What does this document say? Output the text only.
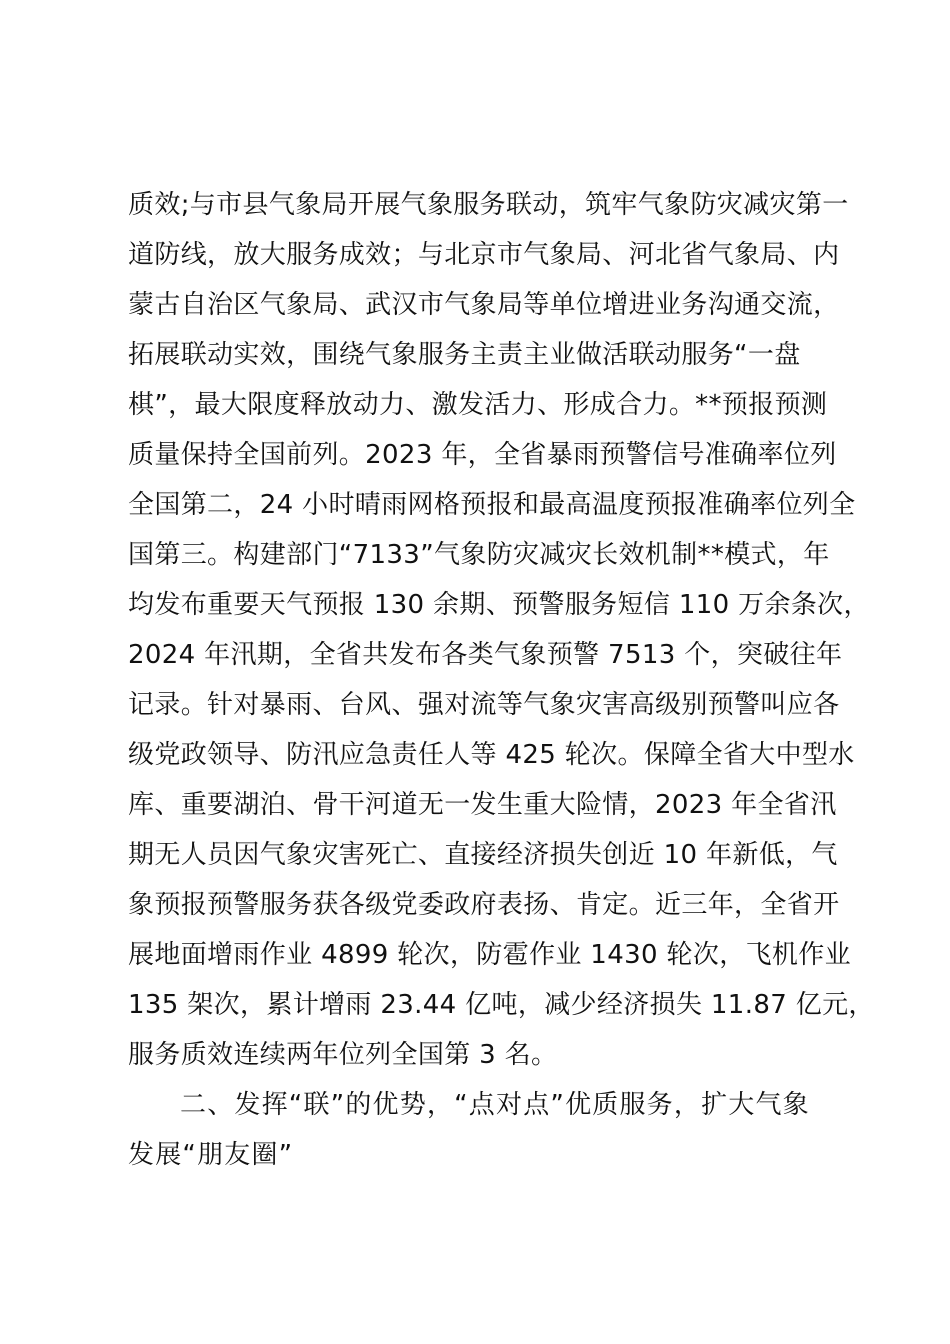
质效;与市县气象局开展气象服务联动，筑牢气象防灾减灾第一
道防线，放大服务成效；与北京市气象局、河北省气象局、内
蒙古自治区气象局、武汉市气象局等单位增进业务沟通交流，
拓展联动实效，围绕气象服务主责主业做活联动服务“一盘
棋”，最大限度释放动力、激发活力、形成合力。**预报预测
质量保持全国前列。2023 年，全省暴雨预警信号准确率位列
全国第二，24 小时晴雨网格预报和最高温度预报准确率位列全
国第三。构建部门“7133”气象防灾减灾长效机制**模式，年
均发布重要天气预报 130 余期、预警服务短信 110 万余条次，
2024 年汛期，全省共发布各类气象预警 7513 个，突破往年
记录。针对暴雨、台风、强对流等气象灾害高级别预警叫应各
级党政领导、防汛应急责任人等 425 轮次。保障全省大中型水
库、重要湖泊、骨干河道无一发生重大险情，2023 年全省汛
期无人员因气象灾害死亡、直接经济损失创近 10 年新低，气
象预报预警服务获各级党委政府表扬、肯定。近三年，全省开
展地面增雨作业 4899 轮次，防雹作业 1430 轮次，飞机作业
135 架次，累计增雨 23.44 亿吨，减少经济损失 11.87 亿元，
服务质效连续两年位列全国第 3 名。
二、发挥“联”的优势，“点对点”优质服务，扩大气象
发展“朋友圈”
